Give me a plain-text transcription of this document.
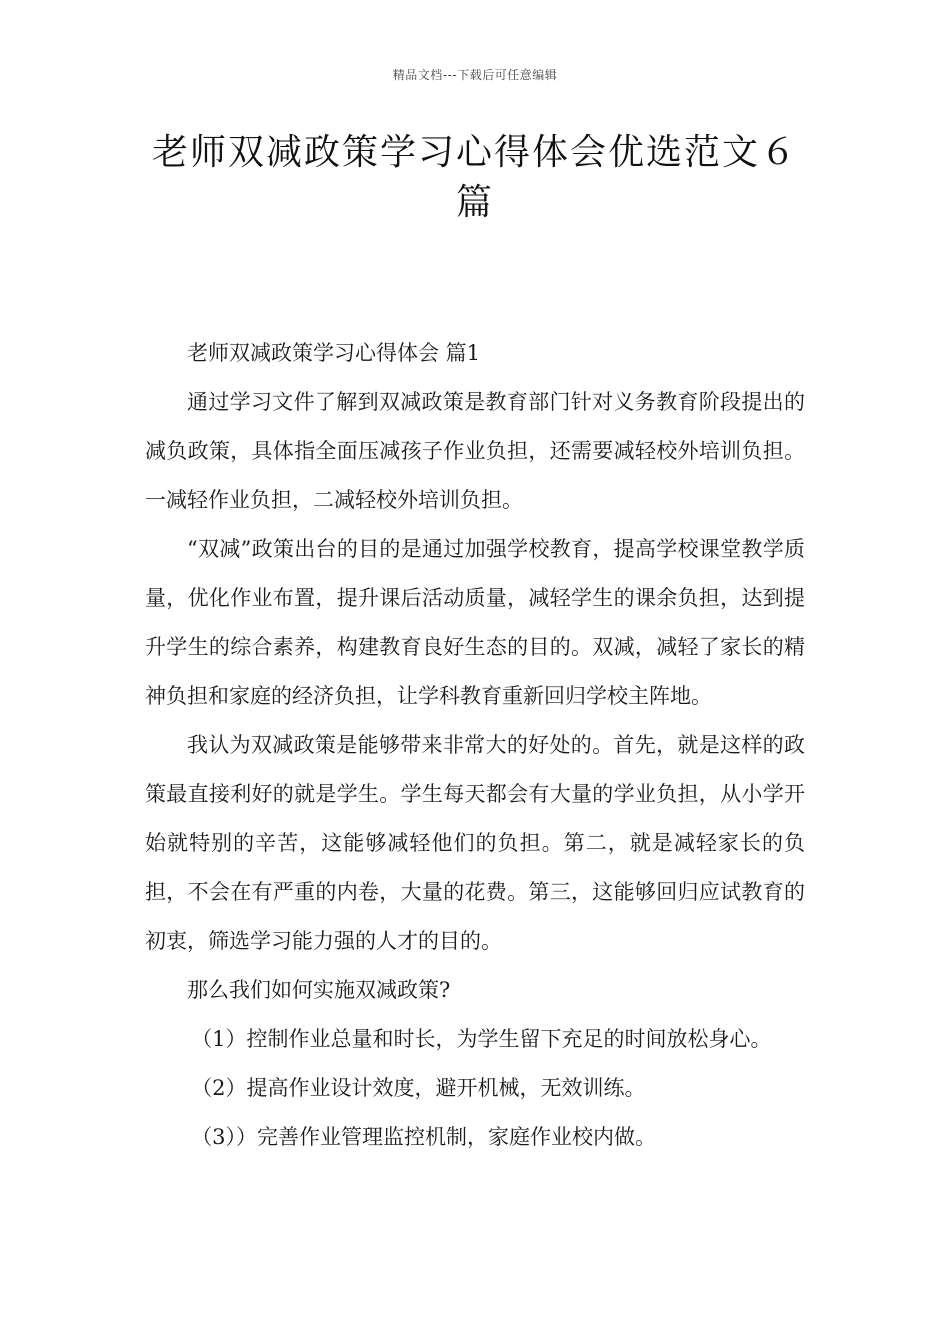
精品文档---下载后可任意编辑
老师双减政策学习心得体会优选范文６篇

老师双减政策学习心得体会 篇1

通过学习文件了解到双减政策是教育部门针对义务教育阶段提出的减负政策，具体指全面压减孩子作业负担，还需要减轻校外培训负担。一减轻作业负担，二减轻校外培训负担。

“双减”政策出台的目的是通过加强学校教育，提高学校课堂教学质量，优化作业布置，提升课后活动质量，减轻学生的课余负担，达到提升学生的综合素养，构建教育良好生态的目的。双减，减轻了家长的精神负担和家庭的经济负担，让学科教育重新回归学校主阵地。

我认为双减政策是能够带来非常大的好处的。首先，就是这样的政策最直接利好的就是学生。学生每天都会有大量的学业负担，从小学开始就特别的辛苦，这能够减轻他们的负担。第二，就是减轻家长的负担，不会在有严重的内卷，大量的花费。第三，这能够回归应试教育的初衷，筛选学习能力强的人才的目的。

那么我们如何实施双减政策?

（1）控制作业总量和时长，为学生留下充足的时间放松身心。

（2）提高作业设计效度，避开机械，无效训练。

（3））完善作业管理监控机制，家庭作业校内做。
